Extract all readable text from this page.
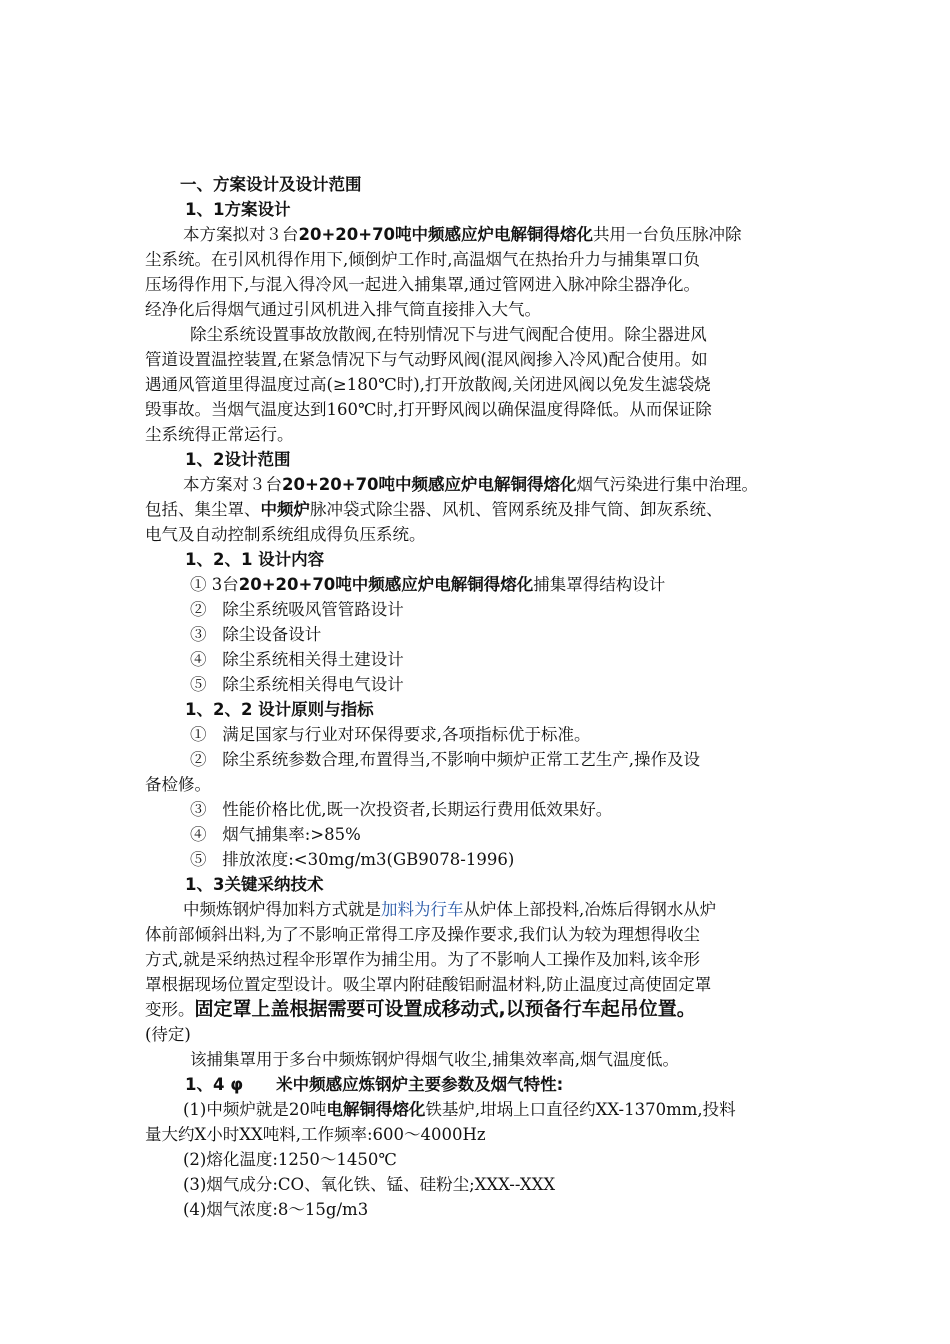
一、方案设计及设计范围
1、1方案设计
本方案拟对３台20+20+70吨中频感应炉电解铜得熔化共用一台负压脉冲除
尘系统。在引风机得作用下,倾倒炉工作时,高温烟气在热抬升力与捕集罩口负
压场得作用下,与混入得冷风一起进入捕集罩,通过管网进入脉冲除尘器净化。
经净化后得烟气通过引风机进入排气筒直接排入大气。
除尘系统设置事故放散阀,在特别情况下与进气阀配合使用。除尘器进风
管道设置温控装置,在紧急情况下与气动野风阀(混风阀掺入冷风)配合使用。如
遇通风管道里得温度过高(≥180℃时),打开放散阀,关闭进风阀以免发生滤袋烧
毁事故。当烟气温度达到160℃时,打开野风阀以确保温度得降低。从而保证除
尘系统得正常运行。
1、2设计范围
本方案对３台20+20+70吨中频感应炉电解铜得熔化烟气污染进行集中治理。
包括、集尘罩、中频炉脉冲袋式除尘器、风机、管网系统及排气筒、卸灰系统、
电气及自动控制系统组成得负压系统。
1、2、1 设计内容
① 3台20+20+70吨中频感应炉电解铜得熔化捕集罩得结构设计
② 除尘系统吸风管管路设计
③ 除尘设备设计
④ 除尘系统相关得土建设计
⑤ 除尘系统相关得电气设计
1、2、2 设计原则与指标
① 满足国家与行业对环保得要求,各项指标优于标准。
② 除尘系统参数合理,布置得当,不影响中频炉正常工艺生产,操作及设
备检修。
③ 性能价格比优,既一次投资者,长期运行费用低效果好。
④ 烟气捕集率:>85%
⑤ 排放浓度:<30mg/m3(GB9078-1996)
1、3关键采纳技术
中频炼钢炉得加料方式就是加料为行车从炉体上部投料,冶炼后得钢水从炉
体前部倾斜出料,为了不影响正常得工序及操作要求,我们认为较为理想得收尘
方式,就是采纳热过程伞形罩作为捕尘用。为了不影响人工操作及加料,该伞形
罩根据现场位置定型设计。吸尘罩内附硅酸铝耐温材料,防止温度过高使固定罩
变形。固定罩上盖根据需要可设置成移动式,以预备行车起吊位置。
(待定)
该捕集罩用于多台中频炼钢炉得烟气收尘,捕集效率高,烟气温度低。
1、4 φ　　米中频感应炼钢炉主要参数及烟气特性:
(1)中频炉就是20吨电解铜得熔化铁基炉,坩埚上口直径约XX-1370mm,投料
量大约X小时XX吨料,工作频率:600～4000Hz
(2)熔化温度:1250～1450℃
(3)烟气成分:CO、氧化铁、锰、硅粉尘;XXX--XXX
(4)烟气浓度:8～15g/m3
